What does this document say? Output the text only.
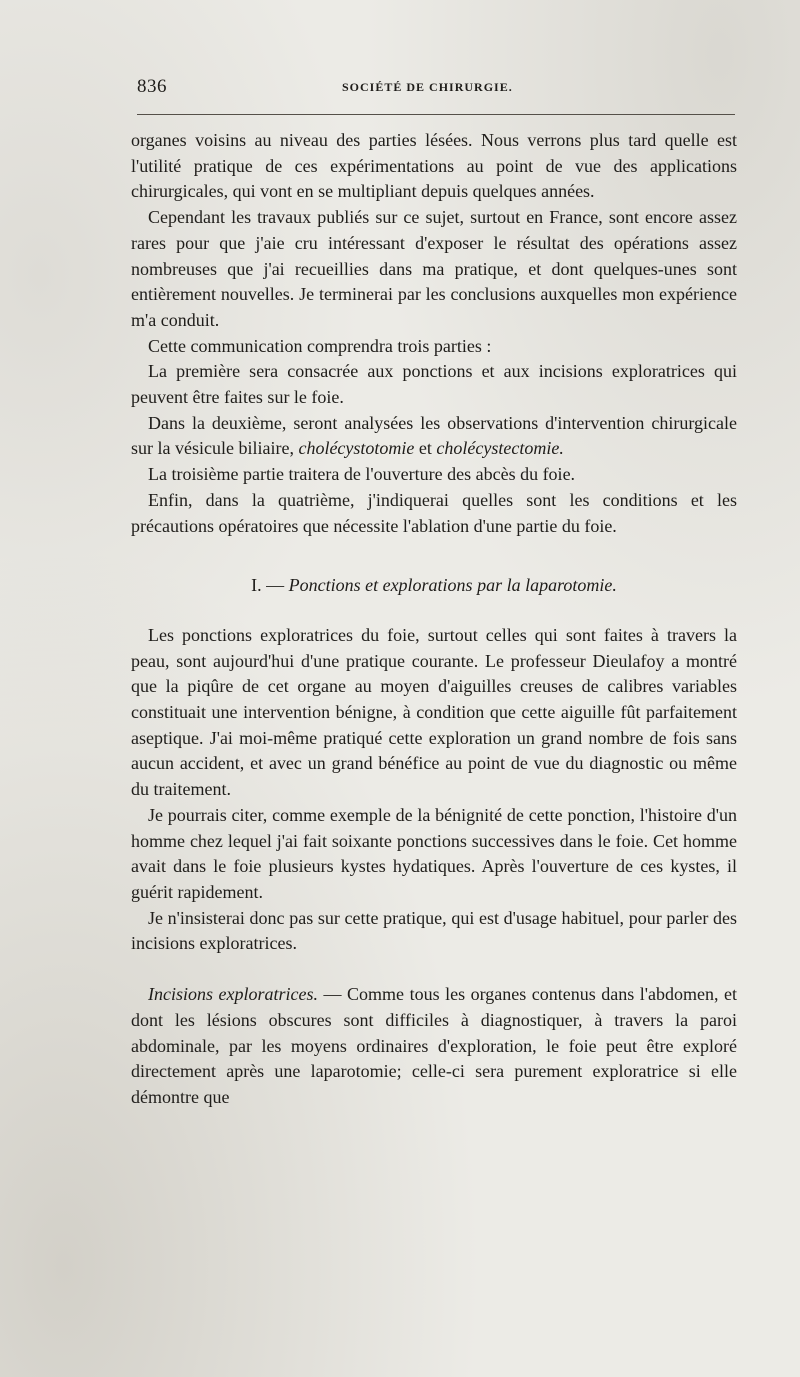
836	SOCIÉTÉ DE CHIRURGIE.

organes voisins au niveau des parties lésées. Nous verrons plus tard quelle est l'utilité pratique de ces expérimentations au point de vue des applications chirurgicales, qui vont en se multipliant depuis quelques années.

Cependant les travaux publiés sur ce sujet, surtout en France, sont encore assez rares pour que j'aie cru intéressant d'exposer le résultat des opérations assez nombreuses que j'ai recueillies dans ma pratique, et dont quelques-unes sont entièrement nouvelles. Je terminerai par les conclusions auxquelles mon expérience m'a conduit.

Cette communication comprendra trois parties :

La première sera consacrée aux ponctions et aux incisions exploratrices qui peuvent être faites sur le foie.

Dans la deuxième, seront analysées les observations d'intervention chirurgicale sur la vésicule biliaire, cholécystotomie et cholécystectomie.

La troisième partie traitera de l'ouverture des abcès du foie.

Enfin, dans la quatrième, j'indiquerai quelles sont les conditions et les précautions opératoires que nécessite l'ablation d'une partie du foie.

I. — Ponctions et explorations par la laparotomie.

Les ponctions exploratrices du foie, surtout celles qui sont faites à travers la peau, sont aujourd'hui d'une pratique courante. Le professeur Dieulafoy a montré que la piqûre de cet organe au moyen d'aiguilles creuses de calibres variables constituait une intervention bénigne, à condition que cette aiguille fût parfaitement aseptique. J'ai moi-même pratiqué cette exploration un grand nombre de fois sans aucun accident, et avec un grand bénéfice au point de vue du diagnostic ou même du traitement.

Je pourrais citer, comme exemple de la bénignité de cette ponction, l'histoire d'un homme chez lequel j'ai fait soixante ponctions successives dans le foie. Cet homme avait dans le foie plusieurs kystes hydatiques. Après l'ouverture de ces kystes, il guérit rapidement.

Je n'insisterai donc pas sur cette pratique, qui est d'usage habituel, pour parler des incisions exploratrices.

Incisions exploratrices. — Comme tous les organes contenus dans l'abdomen, et dont les lésions obscures sont difficiles à diagnostiquer, à travers la paroi abdominale, par les moyens ordinaires d'exploration, le foie peut être exploré directement après une laparotomie; celle-ci sera purement exploratrice si elle démontre que
